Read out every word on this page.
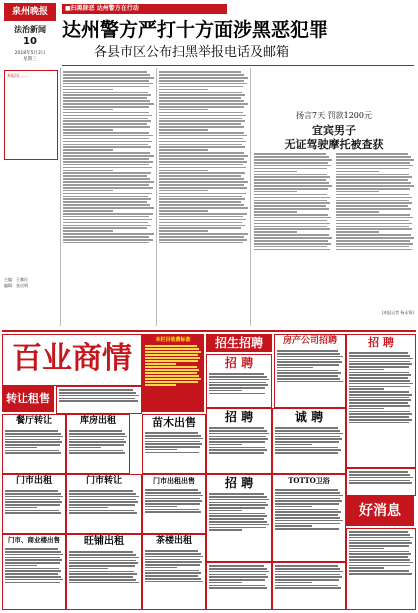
泉州晚报
法治新闻
10
2018年5月2日
星期三
■扫黑除恶 达州警方在行动
达州警方严打十方面涉黑恶犯罪
各县市区公布扫黑举报电话及邮箱
本报讯 ……
主编：王黎民
编辑：张启明
扬言7天 罚款1200元
宜宾男子
无证驾驶摩托被查获
(本报记者 杨永锋)
百业商情
本栏目收费标准	招生招聘
招 聘
房产公司招聘	招 聘
转让租售
餐厅转让	库房出租	苗木出售	招 聘	诚 聘
门市出租	门市转让	门市出租出售	招 聘	TOTTO卫浴
好消息
门市、商业楼出售	旺铺出租	茶楼出租
